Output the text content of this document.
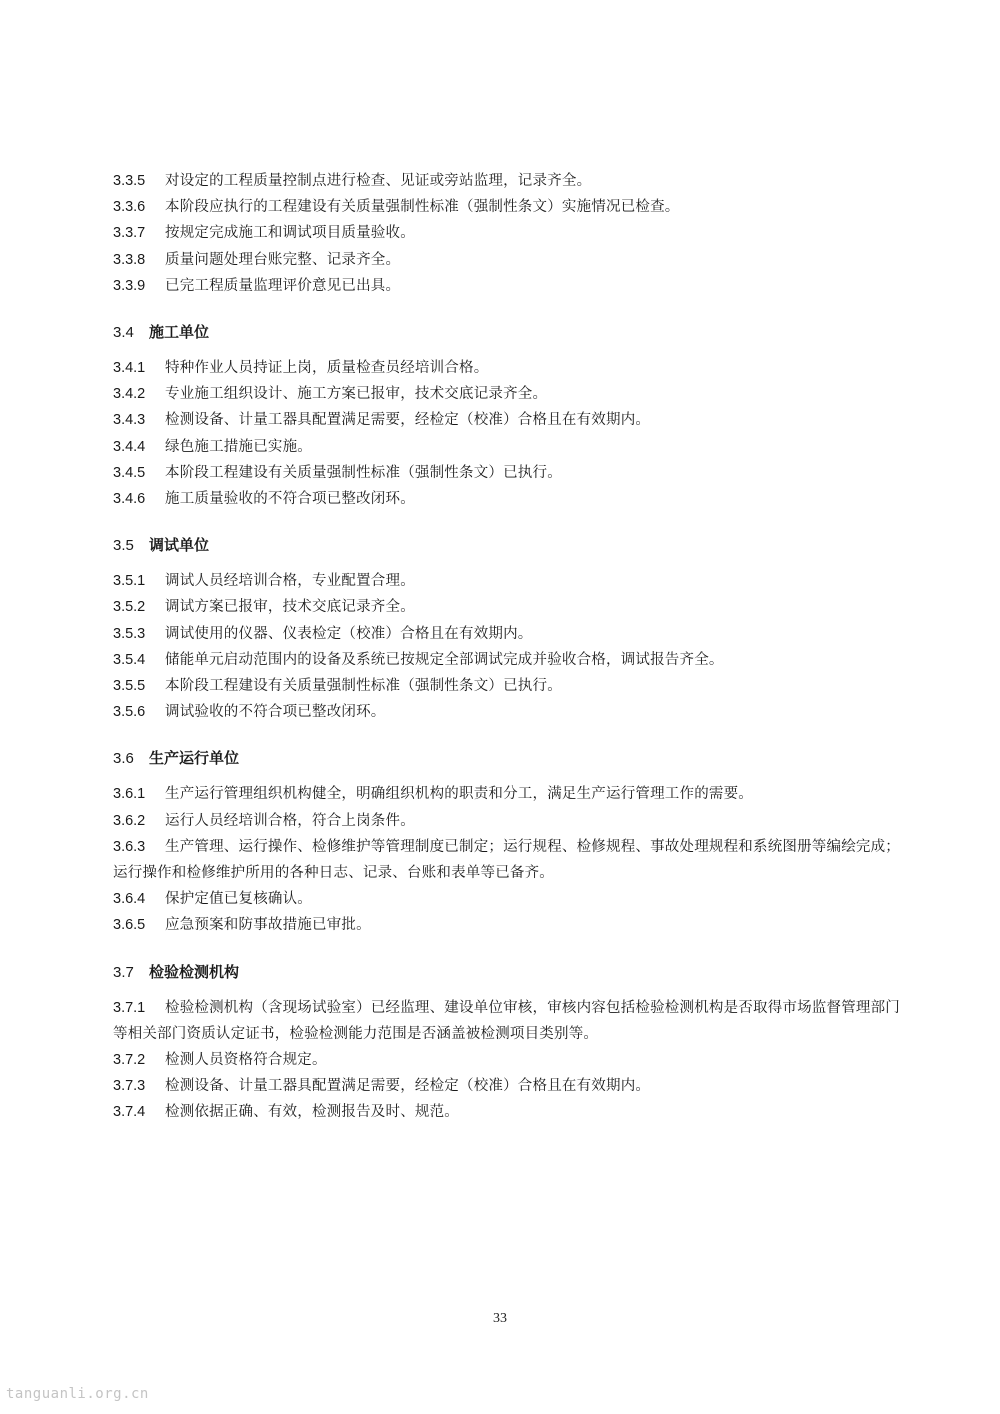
3.3.5 对设定的工程质量控制点进行检查、见证或旁站监理，记录齐全。

3.3.6 本阶段应执行的工程建设有关质量强制性标准（强制性条文）实施情况已检查。

3.3.7 按规定完成施工和调试项目质量验收。

3.3.8 质量问题处理台账完整、记录齐全。

3.3.9 已完工程质量监理评价意见已出具。

3.4 施工单位

3.4.1 特种作业人员持证上岗，质量检查员经培训合格。

3.4.2 专业施工组织设计、施工方案已报审，技术交底记录齐全。

3.4.3 检测设备、计量工器具配置满足需要，经检定（校准）合格且在有效期内。

3.4.4 绿色施工措施已实施。

3.4.5 本阶段工程建设有关质量强制性标准（强制性条文）已执行。

3.4.6 施工质量验收的不符合项已整改闭环。

3.5 调试单位

3.5.1 调试人员经培训合格，专业配置合理。

3.5.2 调试方案已报审，技术交底记录齐全。

3.5.3 调试使用的仪器、仪表检定（校准）合格且在有效期内。

3.5.4 储能单元启动范围内的设备及系统已按规定全部调试完成并验收合格，调试报告齐全。

3.5.5 本阶段工程建设有关质量强制性标准（强制性条文）已执行。

3.5.6 调试验收的不符合项已整改闭环。

3.6 生产运行单位

3.6.1 生产运行管理组织机构健全，明确组织机构的职责和分工，满足生产运行管理工作的需要。

3.6.2 运行人员经培训合格，符合上岗条件。

3.6.3 生产管理、运行操作、检修维护等管理制度已制定；运行规程、检修规程、事故处理规程和系统图册等编绘完成；运行操作和检修维护所用的各种日志、记录、台账和表单等已备齐。

3.6.4 保护定值已复核确认。

3.6.5 应急预案和防事故措施已审批。

3.7 检验检测机构

3.7.1 检验检测机构（含现场试验室）已经监理、建设单位审核，审核内容包括检验检测机构是否取得市场监督管理部门等相关部门资质认定证书，检验检测能力范围是否涵盖被检测项目类别等。

3.7.2 检测人员资格符合规定。

3.7.3 检测设备、计量工器具配置满足需要，经检定（校准）合格且在有效期内。

3.7.4 检测依据正确、有效，检测报告及时、规范。

33
tanguanli.org.cn
